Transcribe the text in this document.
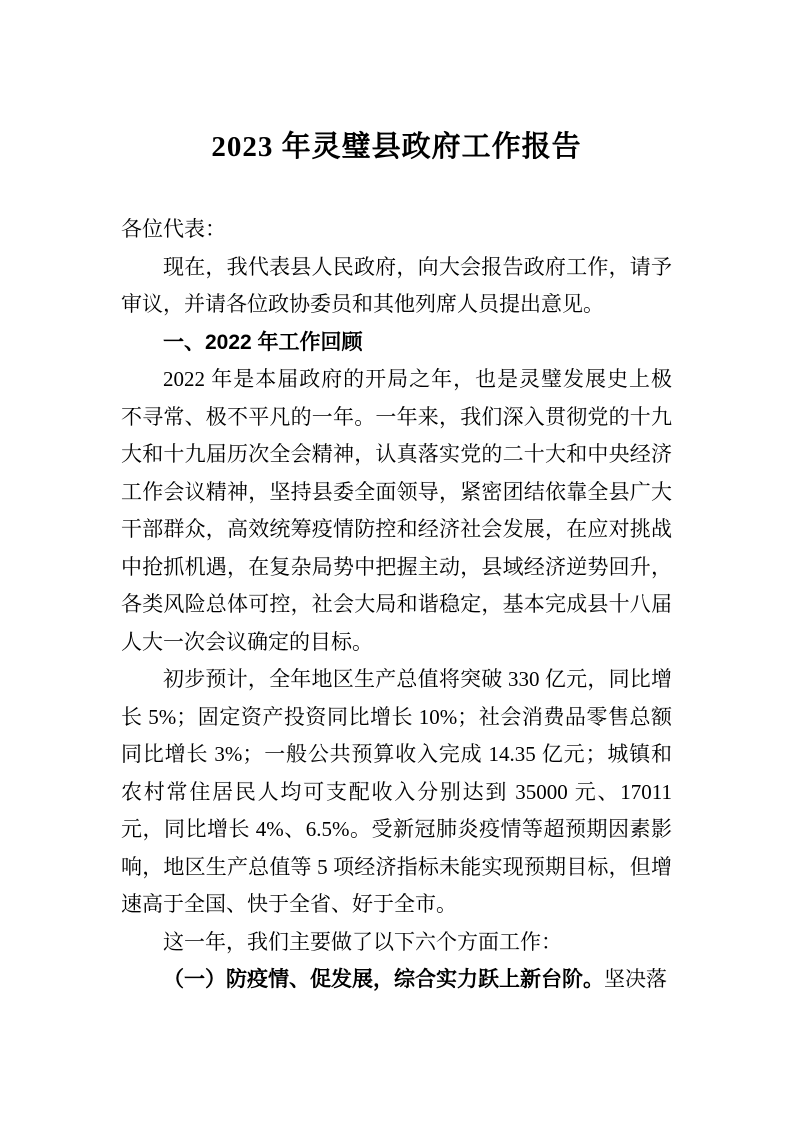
2023 年灵璧县政府工作报告

各位代表：

现在，我代表县人民政府，向大会报告政府工作，请予审议，并请各位政协委员和其他列席人员提出意见。

一、2022 年工作回顾

2022 年是本届政府的开局之年，也是灵璧发展史上极不寻常、极不平凡的一年。一年来，我们深入贯彻党的十九大和十九届历次全会精神，认真落实党的二十大和中央经济工作会议精神，坚持县委全面领导，紧密团结依靠全县广大干部群众，高效统筹疫情防控和经济社会发展，在应对挑战中抢抓机遇，在复杂局势中把握主动，县域经济逆势回升，各类风险总体可控，社会大局和谐稳定，基本完成县十八届人大一次会议确定的目标。

初步预计，全年地区生产总值将突破 330 亿元，同比增长 5%；固定资产投资同比增长 10%；社会消费品零售总额同比增长 3%；一般公共预算收入完成 14.35 亿元；城镇和农村常住居民人均可支配收入分别达到 35000 元、17011 元，同比增长 4%、6.5%。受新冠肺炎疫情等超预期因素影响，地区生产总值等 5 项经济指标未能实现预期目标，但增速高于全国、快于全省、好于全市。

这一年，我们主要做了以下六个方面工作：

（一）防疫情、促发展，综合实力跃上新台阶。坚决落
